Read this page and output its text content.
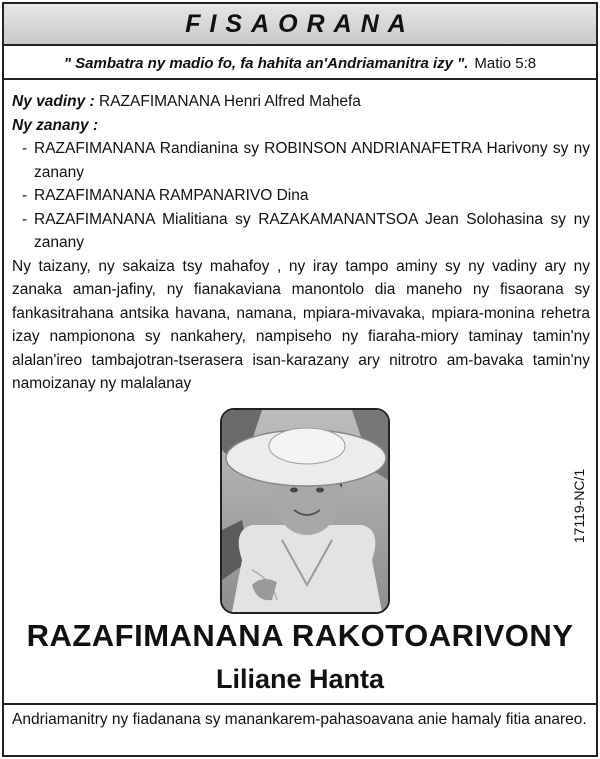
FISAORANA
" Sambatra ny madio fo, fa hahita an'Andriamanitra izy ". Matio 5:8
Ny vadiny : RAZAFIMANANA Henri Alfred Mahefa
Ny zanany :
- RAZAFIMANANA Randianina sy ROBINSON ANDRIANAFETRA Harivony sy ny zanany
- RAZAFIMANANA RAMPANARIVO Dina
- RAZAFIMANANA Mialitiana sy RAZAKAMANANTSOA Jean Solohasina sy ny zanany
Ny taizany, ny sakaiza tsy mahafoy , ny iray tampo aminy sy ny vadiny ary ny zanaka aman-jafiny, ny fianakaviana manontolo dia maneho ny fisaorana sy fankasitrahana antsika havana, namana, mpiara-mivavaka, mpiara-monina rehetra izay nampionona sy nankahery, nampiseho ny fiaraha-miory taminay tamin'ny alalan'ireo tambajotran-tserasera isan-karazany ary nitrotro am-bavaka tamin'ny namoizanay ny malalanay
17119-NC/1
RAZAFIMANANA RAKOTOARIVONY
Liliane Hanta
Andriamanitry ny fiadanana sy manankarem-pahasoavana anie hamaly fitia anareo.
